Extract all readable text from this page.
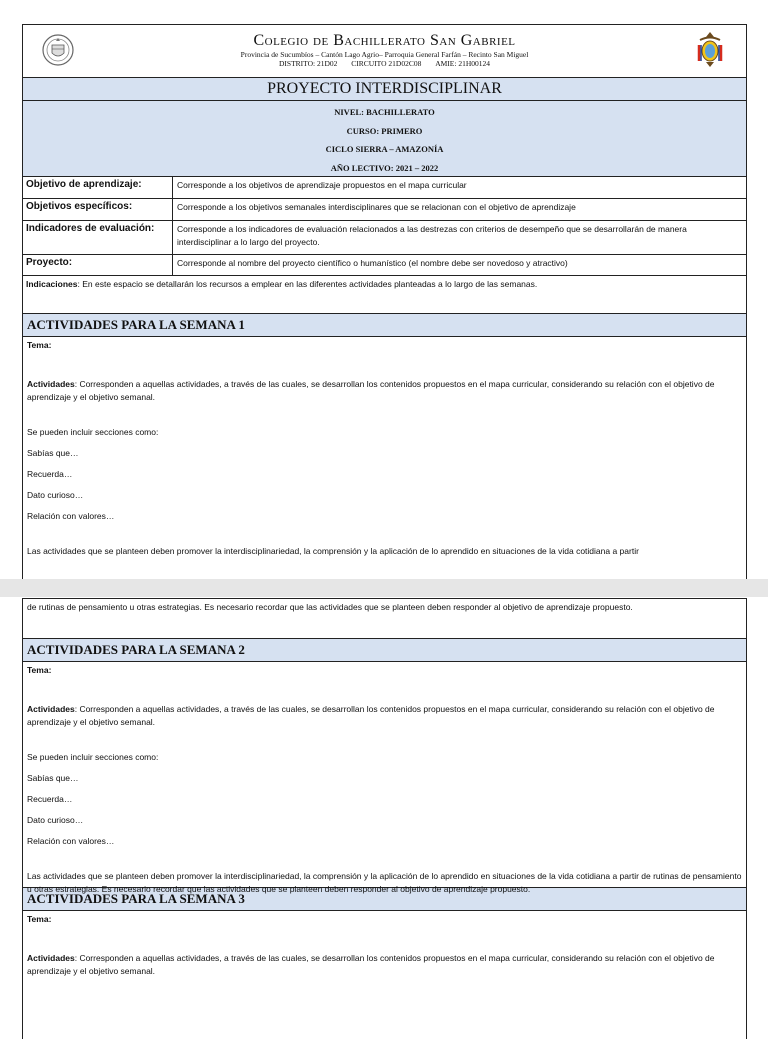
Colegio de Bachillerato San Gabriel
Provincia de Sucumbíos – Cantón Lago Agrio– Parroquia General Farfán – Recinto San Miguel
DISTRITO: 21D02 CIRCUITO 21D02C08 AMIE: 21H00124
PROYECTO INTERDISCIPLINAR
NIVEL: BACHILLERATO
CURSO: PRIMERO
CICLO SIERRA – AMAZONÍA
AÑO LECTIVO: 2021 – 2022
Objetivo de aprendizaje:	Corresponde a los objetivos de aprendizaje propuestos en el mapa curricular
Objetivos específicos:	Corresponde a los objetivos semanales interdisciplinares que se relacionan con el objetivo de aprendizaje
Indicadores de evaluación:	Corresponde a los indicadores de evaluación relacionados a las destrezas con criterios de desempeño que se desarrollarán de manera interdisciplinar a lo largo del proyecto.
Proyecto:	Corresponde al nombre del proyecto científico o humanístico (el nombre debe ser novedoso y atractivo)
Indicaciones: En este espacio se detallarán los recursos a emplear en las diferentes actividades planteadas a lo largo de las semanas.
ACTIVIDADES PARA LA SEMANA 1

Tema:

Actividades: Corresponden a aquellas actividades, a través de las cuales, se desarrollan los contenidos propuestos en el mapa curricular, considerando su relación con el objetivo de aprendizaje y el objetivo semanal.

Se pueden incluir secciones como:

Sabías que…

Recuerda…

Dato curioso…

Relación con valores…

Las actividades que se planteen deben promover la interdisciplinariedad, la comprensión y la aplicación de lo aprendido en situaciones de la vida cotidiana a partir

de rutinas de pensamiento u otras estrategias. Es necesario recordar que las actividades que se planteen deben responder al objetivo de aprendizaje propuesto.
ACTIVIDADES PARA LA SEMANA 2

Tema:

Actividades: Corresponden a aquellas actividades, a través de las cuales, se desarrollan los contenidos propuestos en el mapa curricular, considerando su relación con el objetivo de aprendizaje y el objetivo semanal.

Se pueden incluir secciones como:

Sabías que…

Recuerda…

Dato curioso…

Relación con valores…

Las actividades que se planteen deben promover la interdisciplinariedad, la comprensión y la aplicación de lo aprendido en situaciones de la vida cotidiana a partir de rutinas de pensamiento u otras estrategias. Es necesario recordar que las actividades que se planteen deben responder al objetivo de aprendizaje propuesto.

ACTIVIDADES PARA LA SEMANA 3

Tema:

Actividades: Corresponden a aquellas actividades, a través de las cuales, se desarrollan los contenidos propuestos en el mapa curricular, considerando su relación con el objetivo de aprendizaje y el objetivo semanal.
